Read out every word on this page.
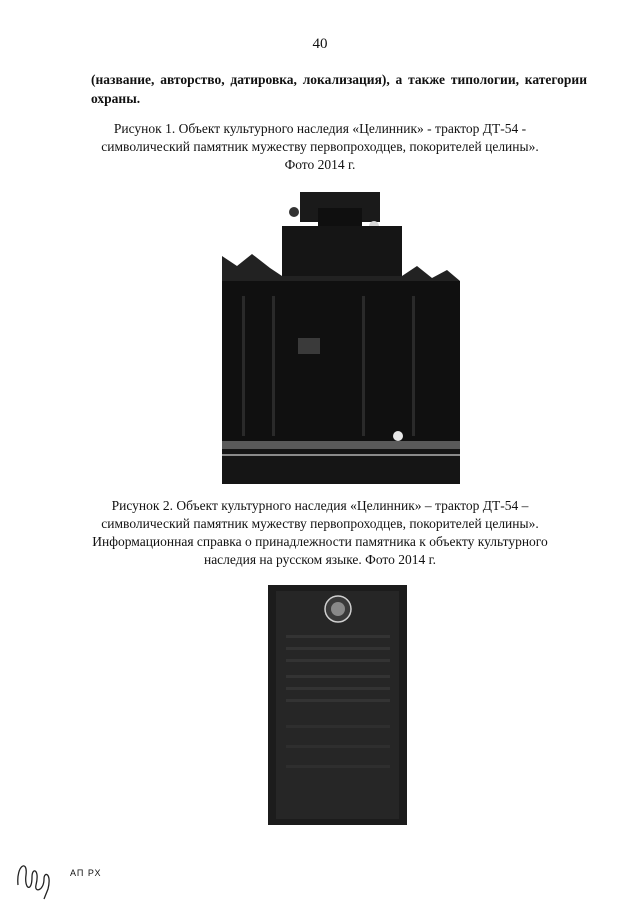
40
(название, авторство, датировка, локализация), а также типологии, категории охраны.
Рисунок 1. Объект культурного наследия «Целинник» - трактор ДТ-54 -
символический памятник мужеству первопроходцев, покорителей целины».
Фото 2014 г.
Рисунок 2. Объект культурного наследия «Целинник» – трактор ДТ-54 –
символический памятник мужеству первопроходцев, покорителей целины».
Информационная справка о принадлежности памятника к объекту культурного
наследия на русском языке. Фото 2014 г.
АП РХ
